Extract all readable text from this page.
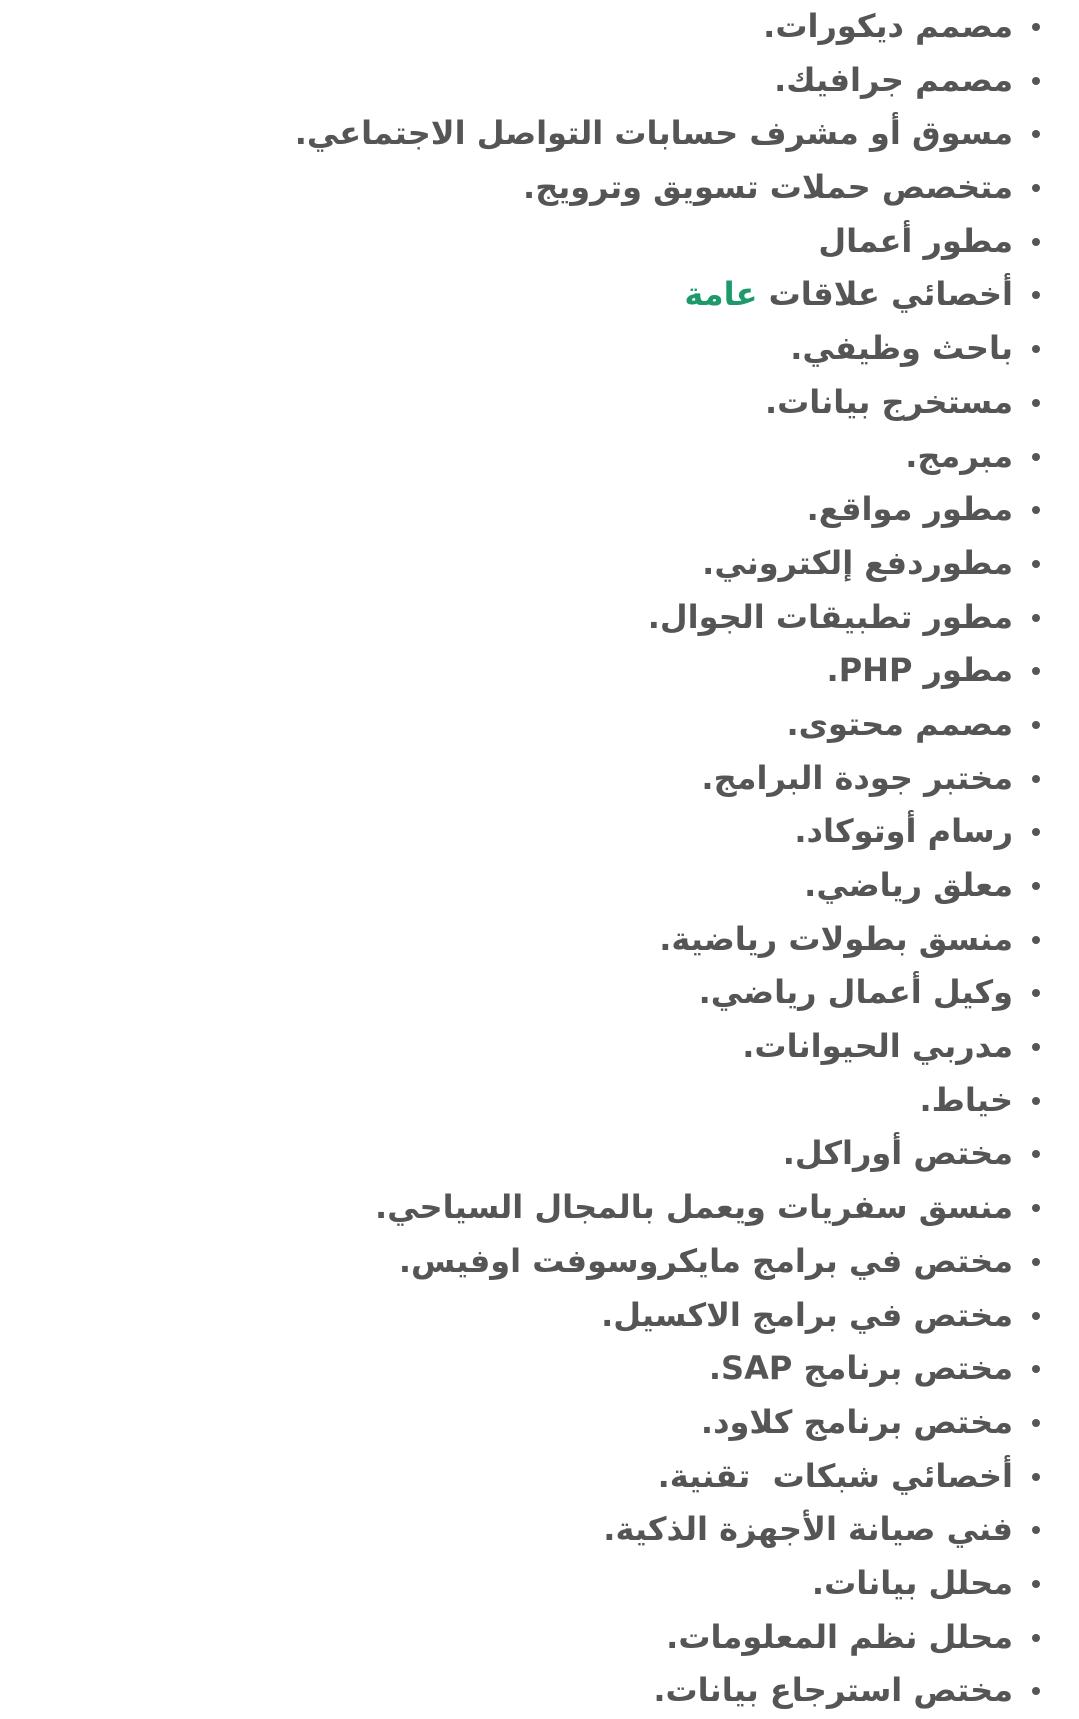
مصمم ديكورات.
مصمم جرافيك.
مسوق أو مشرف حسابات التواصل الاجتماعي.
متخصص حملات تسويق وترويج.
مطور أعمال
أخصائي علاقات عامة
باحث وظيفي.
مستخرج بيانات.
مبرمج.
مطور مواقع.
مطوردفع إلكتروني.
مطور تطبيقات الجوال.
مطور PHP.
مصمم محتوى.
مختبر جودة البرامج.
رسام أوتوكاد.
معلق رياضي.
منسق بطولات رياضية.
وكيل أعمال رياضي.
مدربي الحيوانات.
خياط.
مختص أوراكل.
منسق سفريات ويعمل بالمجال السياحي.
مختص في برامج مايكروسوفت اوفيس.
مختص في برامج الاكسيل.
مختص برنامج SAP.
مختص برنامج كلاود.
أخصائي شبكات  تقنية.
فني صيانة الأجهزة الذكية.
محلل بيانات.
محلل نظم المعلومات.
مختص استرجاع بيانات.
